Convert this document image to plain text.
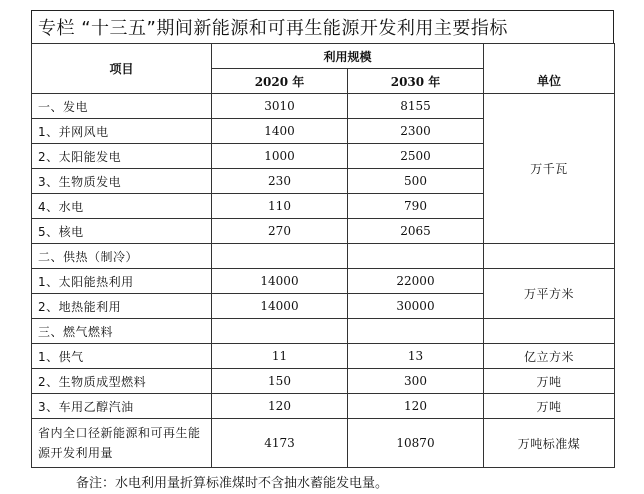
专栏 “十三五”期间新能源和可再生能源开发利用主要指标
项目	利用规模		
	2020 年	2030 年	单位
一、发电	3010	8155	万千瓦
1、并网风电	1400	2300	
2、太阳能发电	1000	2500	
3、生物质发电	230	500	
4、水电	110	790	
5、核电	270	2065	
二、供热（制冷）			
1、太阳能热利用	14000	22000	万平方米
2、地热能利用	14000	30000	
三、燃气燃料			
1、供气	11	13	亿立方米
2、生物质成型燃料	150	300	万吨
3、车用乙醇汽油	120	120	万吨
省内全口径新能源和可再生能源开发利用量	4173	10870	万吨标准煤
备注：水电利用量折算标准煤时不含抽水蓄能发电量。
